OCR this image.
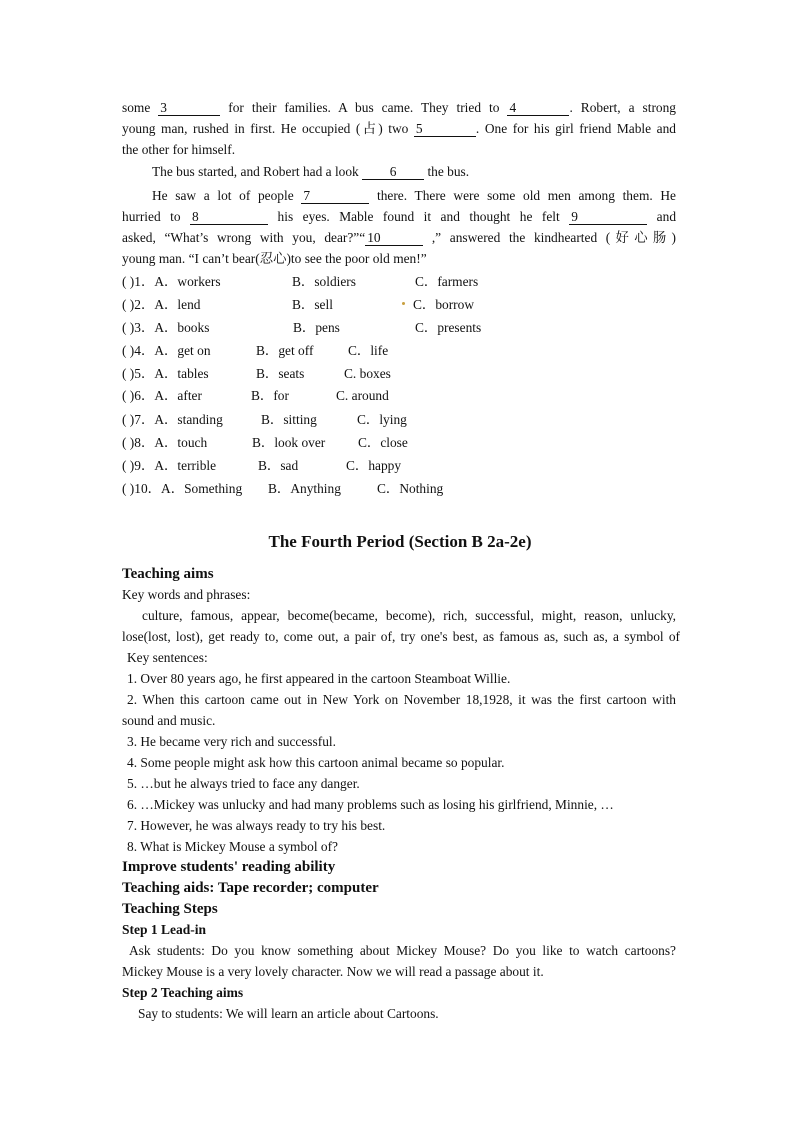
some 3	for their families. A bus came. They tried to 4	. Robert, a strong
young man, rushed in first. He occupied (占) two 5	. One for his girl friend Mable and
the other for himself.
The bus started, and Robert had a look 6 the bus.
He saw a lot of people 7	there. There were some old men among them. He
hurried to 8	his eyes. Mable found it and thought he felt 9	and
asked, “What’s wrong with you, dear?”“ 10	,” answered the kindhearted (好心肠)
young man. “I can’t bear(忍心)to see the poor old men!”
( )1．A．workers	B．soldiers	C．farmers
( )2．A．lend	B．sell	C．borrow
( )3．A．books	B．pens	C．presents
( )4．A．get on	B．get off	C．life
( )5．A．tables	B．seats	C. boxes
( )6．A．after	B．for	C. around
( )7．A．standing	B．sitting	C．lying
( )8．A．touch	B．look over C．close
( )9．A．terrible	B．sad	C．happy
( )10．A．Something B．Anything	C．Nothing
The Fourth Period (Section B 2a-2e)
Teaching aims
Key words and phrases:
culture, famous, appear, become(became, become), rich, successful, might, reason, unlucky,
lose(lost, lost), get ready to, come out, a pair of, try one's best, as famous as, such as, a symbol of
Key sentences:
1. Over 80 years ago, he first appeared in the cartoon Steamboat Willie.
2. When this cartoon came out in New York on November 18,1928, it was the first cartoon with
sound and music.
3. He became very rich and successful.
4. Some people might ask how this cartoon animal became so popular.
5. …but he always tried to face any danger.
6. …Mickey was unlucky and had many problems such as losing his girlfriend, Minnie, …
7. However, he was always ready to try his best.
8. What is Mickey Mouse a symbol of?
Improve students' reading ability
Teaching aids: Tape recorder; computer
Teaching Steps
Step 1 Lead-in
Ask students: Do you know something about Mickey Mouse? Do you like to watch cartoons?
Mickey Mouse is a very lovely character. Now we will read a passage about it.
Step 2 Teaching aims
Say to students: We will learn an article about Cartoons.
